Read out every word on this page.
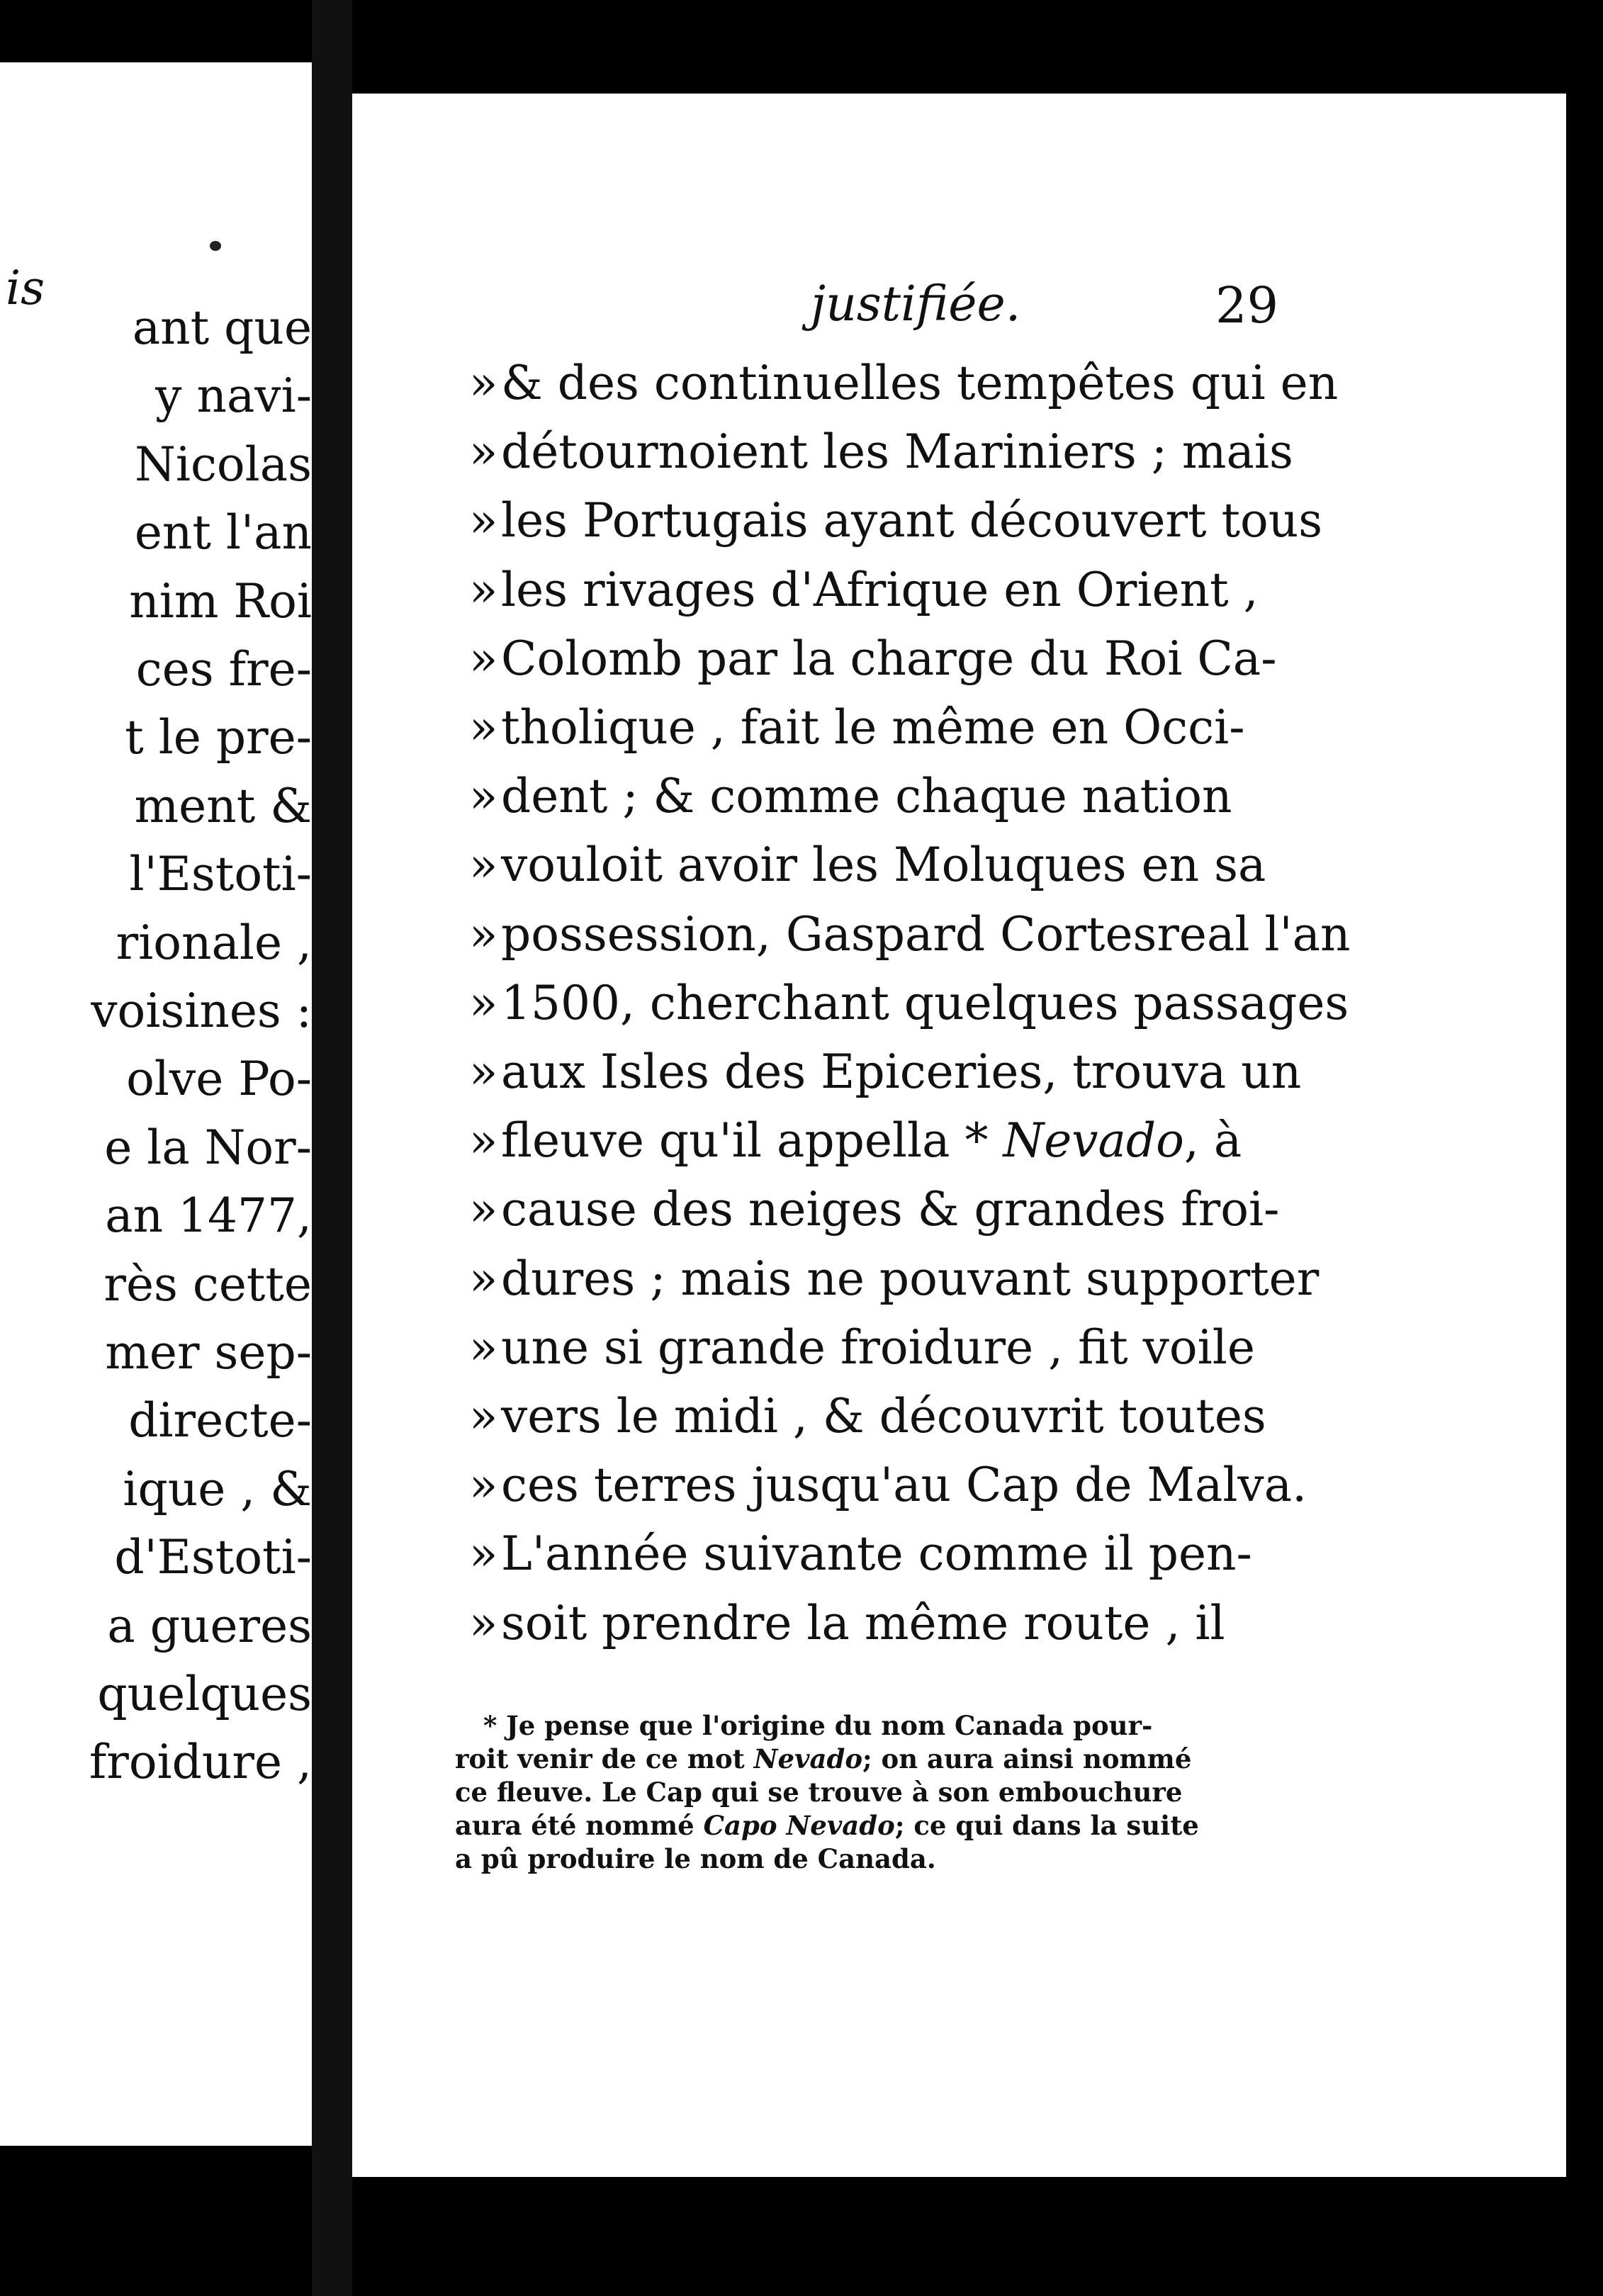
ant que
y navi-
Nicolas
ent l'an
nim Roi
ces fre-
t le pre-
ment &
l'Estoti-
rionale ,
voisines :
olve Po-
e la Nor-
an 1477,
rès cette
mer sep-
directe-
ique , &
d'Estoti-
a gueres
quelques
froidure ,
is	justifiée.	29
»& des continuelles tempêtes qui en
»détournoient les Mariniers ; mais
»les Portugais ayant découvert tous
»les rivages d'Afrique en Orient ,
»Colomb par la charge du Roi Ca-
»tholique , fait le même en Occi-
»dent ; & comme chaque nation
»vouloit avoir les Moluques en sa
»possession, Gaspard Cortesreal l'an
»1500, cherchant quelques passages
»aux Isles des Epiceries, trouva un
»fleuve qu'il appella * Nevado, à
»cause des neiges & grandes froi-
»dures ; mais ne pouvant supporter
»une si grande froidure , fit voile
»vers le midi , & découvrit toutes
»ces terres jusqu'au Cap de Malva.
»L'année suivante comme il pen-
»soit prendre la même route , il
* Je pense que l'origine du nom Canada pour-
roit venir de ce mot Nevado; on aura ainsi nommé
ce fleuve. Le Cap qui se trouve à son embouchure
aura été nommé Capo Nevado; ce qui dans la suite
a pû produire le nom de Canada.
